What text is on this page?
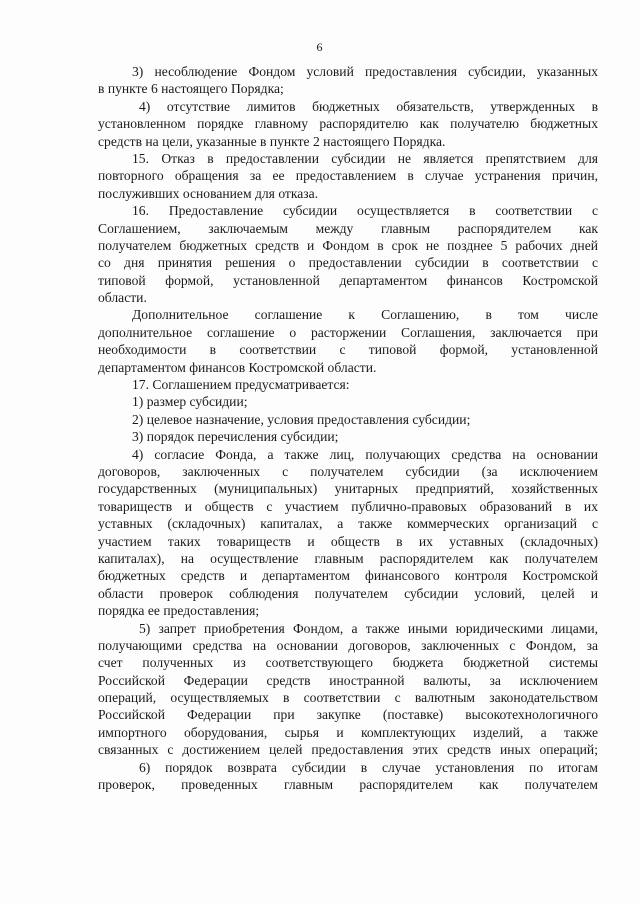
6
3) несоблюдение Фондом условий предоставления субсидии, указанных
в пункте 6 настоящего Порядка;
4) отсутствие лимитов бюджетных обязательств, утвержденных в
установленном порядке главному распорядителю как получателю бюджетных
средств на цели, указанные в пункте 2 настоящего Порядка.
15. Отказ в предоставлении субсидии не является препятствием для
повторного обращения за ее предоставлением в случае устранения причин,
послуживших основанием для отказа.
16. Предоставление субсидии осуществляется в соответствии с
Соглашением, заключаемым между главным распорядителем как
получателем бюджетных средств и Фондом в срок не позднее 5 рабочих дней
со дня принятия решения о предоставлении субсидии в соответствии с
типовой формой, установленной департаментом финансов Костромской
области.
Дополнительное соглашение к Соглашению, в том числе
дополнительное соглашение о расторжении Соглашения, заключается при
необходимости в соответствии с типовой формой, установленной
департаментом финансов Костромской области.
17. Соглашением предусматривается:
1) размер субсидии;
2) целевое назначение, условия предоставления субсидии;
3) порядок перечисления субсидии;
4) согласие Фонда, а также лиц, получающих средства на основании
договоров, заключенных с получателем субсидии (за исключением
государственных (муниципальных) унитарных предприятий, хозяйственных
товариществ и обществ с участием публично-правовых образований в их
уставных (складочных) капиталах, а также коммерческих организаций с
участием таких товариществ и обществ в их уставных (складочных)
капиталах), на осуществление главным распорядителем как получателем
бюджетных средств и департаментом финансового контроля Костромской
области проверок соблюдения получателем субсидии условий, целей и
порядка ее предоставления;
5) запрет приобретения Фондом, а также иными юридическими лицами,
получающими средства на основании договоров, заключенных с Фондом, за
счет полученных из соответствующего бюджета бюджетной системы
Российской Федерации средств иностранной валюты, за исключением
операций, осуществляемых в соответствии с валютным законодательством
Российской Федерации при закупке (поставке) высокотехнологичного
импортного оборудования, сырья и комплектующих изделий, а также
связанных с достижением целей предоставления этих средств иных операций;
6) порядок возврата субсидии в случае установления по итогам
проверок, проведенных главным распорядителем как получателем
